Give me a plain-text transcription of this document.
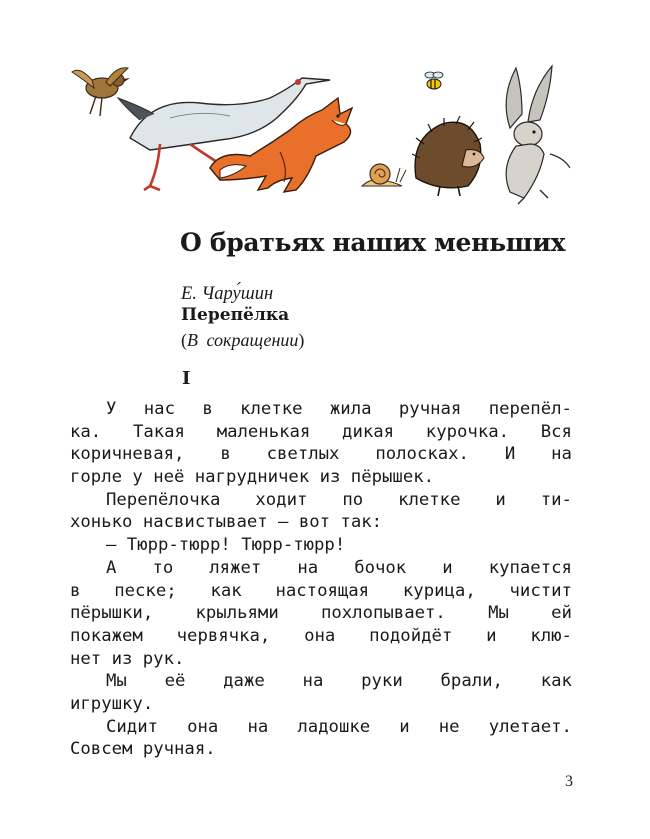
О братьях наших меньших
Е. Чару́шин
Перепёлка
(В сокращении)
I
У нас в клетке жила ручная перепёл-
ка. Такая маленькая дикая курочка. Вся
коричневая, в светлых полосках. И на
горле у неё нагрудничек из пёрышек.
Перепёлочка ходит по клетке и ти-
хонько насвистывает — вот так:
— Тюрр-тюрр! Тюрр-тюрр!
А то ляжет на бочок и купается
в песке; как настоящая курица, чистит
пёрышки, крыльями похлопывает. Мы ей
покажем червячка, она подойдёт и клю-
нет из рук.
Мы её даже на руки брали, как
игрушку.
Сидит она на ладошке и не улетает.
Совсем ручная.
3
